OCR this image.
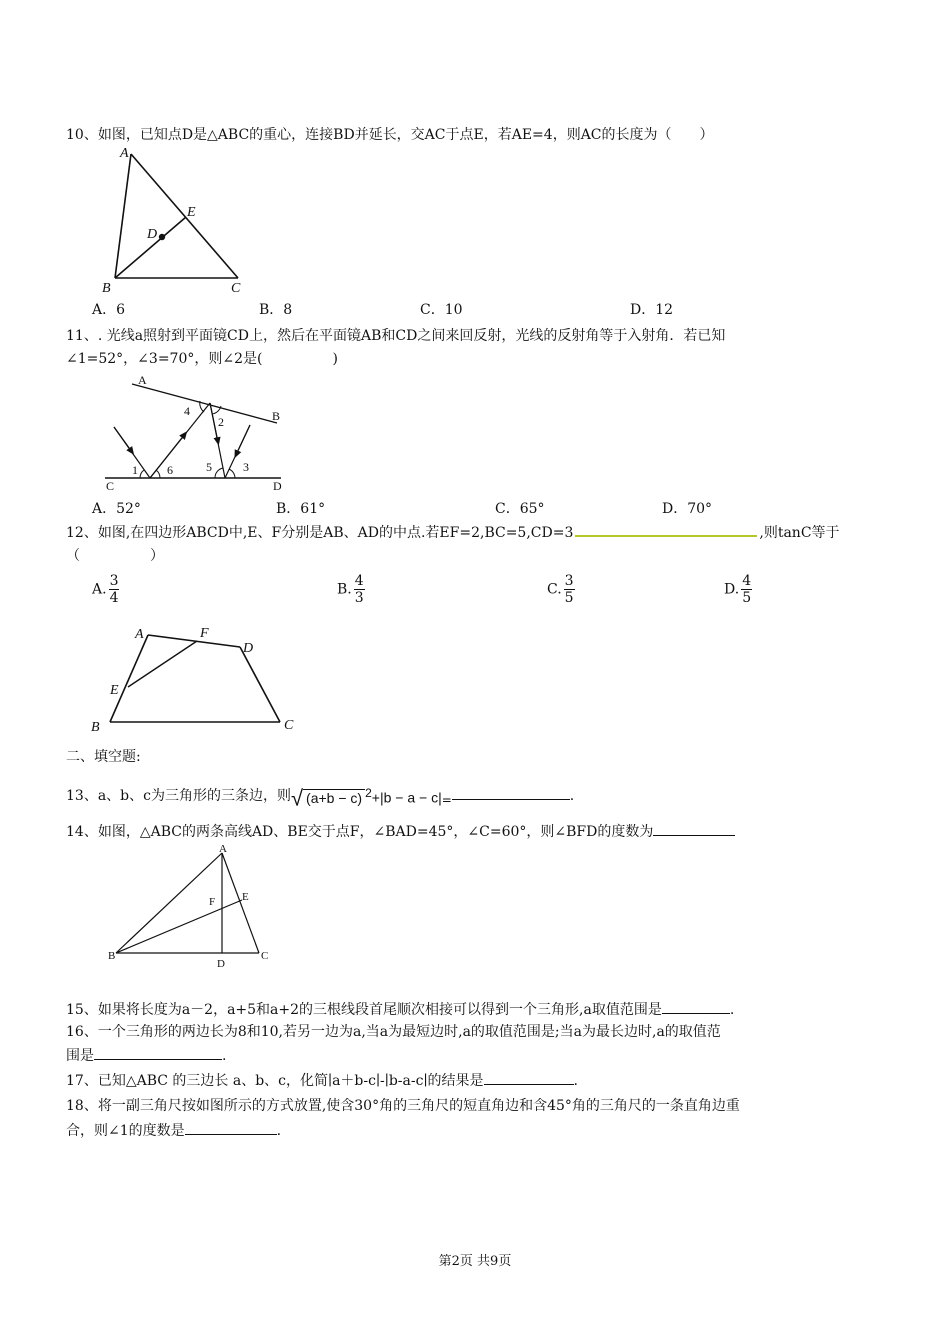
10、如图，已知点D是△ABC的重心，连接BD并延长，交AC于点E，若AE=4，则AC的长度为（　　）
A
E
D
B	C
A．6	B．8	C．10	D．12
11、. 光线a照射到平面镜CD上，然后在平面镜AB和CD之间来回反射，光线的反射角等于入射角．若已知
∠1=52°，∠3=70°，则∠2是(　　　　　)
A
B
C	D
1
2
3
4
5
6
A．52°	B．61°	C．65°	D．70°
12、如图,在四边形ABCD中,E、F分别是AB、AD的中点.若EF=2,BC=5,CD=3	,则tanC等于
（　　　　　）
A. $\frac{3}{4}$	B. $\frac{4}{3}$	C. $\frac{3}{5}$	D. $\frac{4}{5}$
A	F
D
E
B	C
二、填空题:
13、a、b、c为三角形的三条边，则√ (a+b − c) $^2$+|b − a − c|=	.
14、如图，△ABC的两条高线AD、BE交于点F，∠BAD=45°，∠C=60°，则∠BFD的度数为
A
E
F
B
D
C
15、如果将长度为a－2，a+5和a+2的三根线段首尾顺次相接可以得到一个三角形,a取值范围是	.
16、一个三角形的两边长为8和10,若另一边为a,当a为最短边时,a的取值范围是;当a为最长边时,a的取值范
围是	.
17、已知△ABC 的三边长 a、b、c，化简∣a＋b-c∣-∣b-a-c∣的结果是	.
18、将一副三角尺按如图所示的方式放置,使含30°角的三角尺的短直角边和含45°角的三角尺的一条直角边重
合，则∠1的度数是	.
第2页 共9页
